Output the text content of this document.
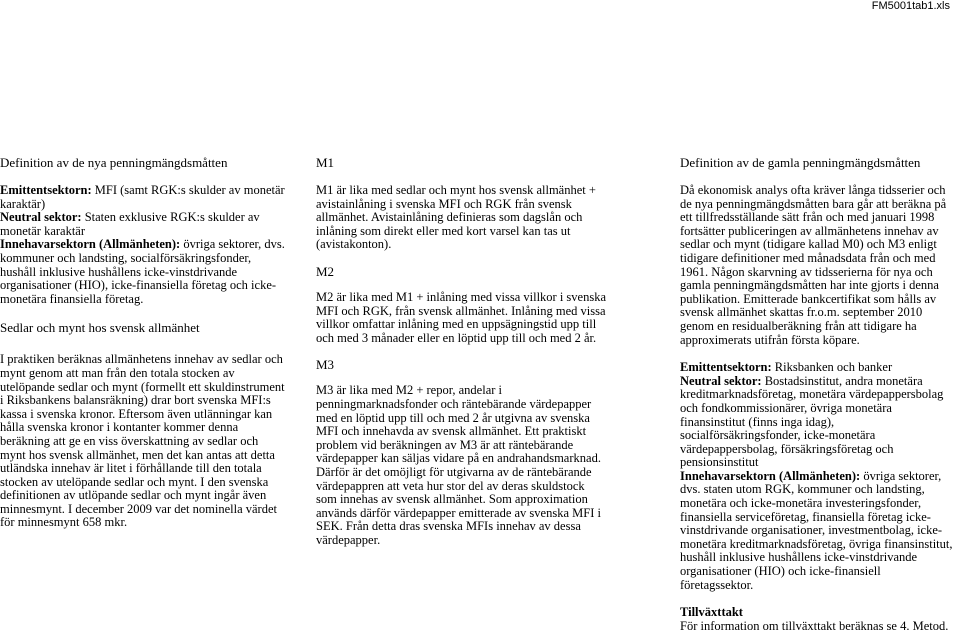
FM5001tab1.xls

Definition av de nya penningmängdsmåtten

Emittentsektorn: MFI (samt RGK:s skulder av monetär karaktär)

Neutral sektor: Staten exklusive RGK:s skulder av monetär karaktär

Innehavarsektorn (Allmänheten): övriga sektorer, dvs. kommuner och landsting, socialförsäkringsfonder, hushåll inklusive hushållens icke-vinstdrivande organisationer (HIO), icke-finansiella företag och icke-monetära finansiella företag.

Sedlar och mynt hos svensk allmänhet

I praktiken beräknas allmänhetens innehav av sedlar och mynt genom att man från den totala stocken av utelöpande sedlar och mynt (formellt ett skuldinstrument i Riksbankens balansräkning) drar bort svenska MFI:s kassa i svenska kronor. Eftersom även utlänningar kan hålla svenska kronor i kontanter kommer denna beräkning att ge en viss överskattning av sedlar och mynt hos svensk allmänhet, men det kan antas att detta utländska innehav är litet i förhållande till den totala stocken av utelöpande sedlar och mynt. I den svenska definitionen av utlöpande sedlar och mynt ingår även minnesmynt. I december 2009 var det nominella värdet för minnesmynt 658 mkr.

M1

M1 är lika med sedlar och mynt hos svensk allmänhet + avistainlåning i svenska MFI och RGK från svensk allmänhet. Avistainlåning definieras som dagslån och inlåning som direkt eller med kort varsel kan tas ut (avistakonton).

M2

M2 är lika med M1 + inlåning med vissa villkor i svenska MFI och RGK, från svensk allmänhet. Inlåning med vissa villkor omfattar inlåning med en uppsägningstid upp till och med 3 månader eller en löptid upp till och med 2 år.

M3

M3 är lika med M2 + repor, andelar i penningmarknadsfonder och räntebärande värdepapper med en löptid upp till och med 2 år utgivna av svenska MFI och innehavda av svensk allmänhet. Ett praktiskt problem vid beräkningen av M3 är att räntebärande värdepapper kan säljas vidare på en andrahandsmarknad. Därför är det omöjligt för utgivarna av de räntebärande värdepappren att veta hur stor del av deras skuldstock som innehas av svensk allmänhet. Som approximation används därför värdepapper emitterade av svenska MFI i SEK. Från detta dras svenska MFIs innehav av dessa värdepapper.

Definition av de gamla penningmängdsmåtten

Då ekonomisk analys ofta kräver långa tidsserier och de nya penningmängdsmåtten bara går att beräkna på ett tillfredsställande sätt från och med januari 1998 fortsätter publiceringen av allmänhetens innehav av sedlar och mynt (tidigare kallad M0) och M3 enligt tidigare definitioner med månadsdata från och med 1961. Någon skarvning av tidsserierna för nya och gamla penningmängdsmåtten har inte gjorts i denna publikation. Emitterade bankcertifikat som hålls av svensk allmänhet skattas fr.o.m. september 2010 genom en residualberäkning från att tidigare ha approximerats utifrån första köpare.

Emittentsektorn: Riksbanken och banker

Neutral sektor: Bostadsinstitut, andra monetära kreditmarknadsföretag, monetära värdepappersbolag och fondkommissionärer, övriga monetära finansinstitut (finns inga idag), socialförsäkringsfonder, icke-monetära värdepappersbolag, försäkringsföretag och pensionsinstitut

Innehavarsektorn (Allmänheten): övriga sektorer, dvs. staten utom RGK, kommuner och landsting, monetära och icke-monetära investeringsfonder, finansiella serviceföretag, finansiella företag icke-vinstdrivande organisationer, investmentbolag, icke-monetära kreditmarknadsföretag, övriga finansinstitut, hushåll inklusive hushållens icke-vinstdrivande organisationer (HIO) och icke-finansiell företagssektor.

Tillväxttakt

För information om tillväxttakt beräknas se 4. Metod.
